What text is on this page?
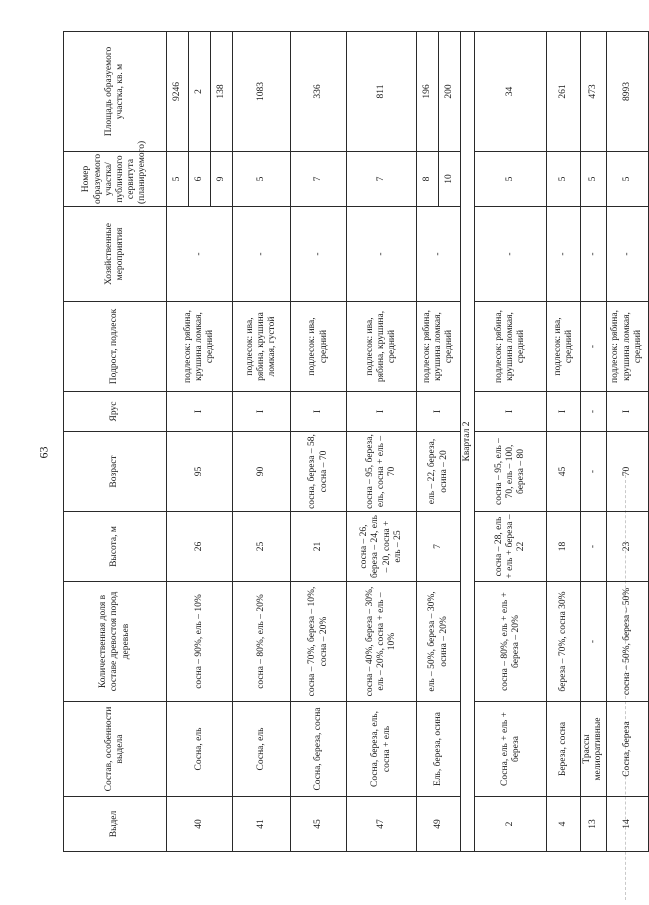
63
Выдел	Состав, особенности выдела	Количественная доля в составе древостоя пород деревьев	Высота, м	Возраст	Ярус	Подрост, подлесок	Хозяйственные мероприятия	Номер образуемого участка/публичного сервитута (планируемого)	Площадь образуемого участка, кв. м
40	Сосна, ель	сосна – 90%, ель – 10%	26	95	I	подлесок: рябина, крушина ломкая, средний	-	5	9246
								6	2
								9	138
41	Сосна, ель	сосна – 80%, ель – 20%	25	90	I	подлесок: ива, рябина, крушина ломкая, густой	-	5	1083
45	Сосна, береза, сосна	сосна – 70%, береза – 10%, сосна – 20%	21	сосна, береза – 58, сосна – 70	I	подлесок: ива, средний	-	7	336
47	Сосна, береза, ель, сосна + ель	сосна – 40%, береза – 30%, ель – 20%, сосна + ель – 10%	сосна – 26, береза – 24, ель – 20, сосна + ель – 25	сосна – 95, береза, ель, сосна + ель – 70	I	подлесок: ива, рябина, крушина, средний	-	7	811
49	Ель, береза, осина	ель – 50%, береза – 30%, осина – 20%	7	ель – 22, береза, осина – 20	I	подлесок: рябина, крушина ломкая, средний	-	8	196
								10	200
Квартал 2									
2	Сосна, ель + ель + береза	сосна – 80%, ель + ель + береза – 20%	сосна – 28, ель + ель + береза – 22	сосна – 95, ель – 70, ель – 100, береза – 80	I	подлесок: рябина, крушина ломкая, средний	-	5	34
4	Береза, сосна	береза – 70%, сосна 30%	18	45	I	подлесок: ива, средний	-	5	261
13	Трассы мелиоративные	-	-	-	-	-	-	5	473
14	Сосна, береза	сосна – 50%, береза – 50%	23	70	I	подлесок: рябина, крушина ломкая, средний	-	5	8993
